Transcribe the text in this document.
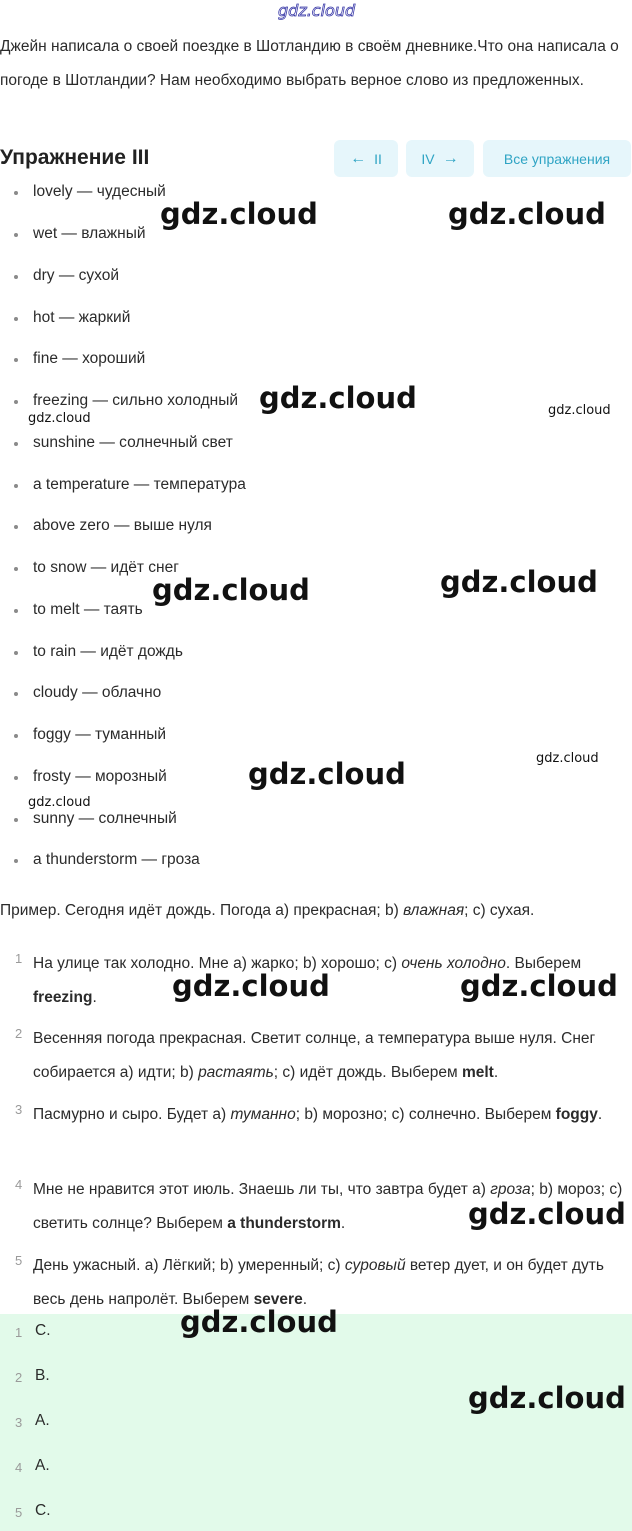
gdz.cloud
gdz.cloud	gdz.cloud
gdz.cloud	gdz.cloud
gdz.cloud
gdz.cloud
gdz.cloud
gdz.cloud
gdz.cloud
gdz.cloud
gdz.cloud	gdz.cloud
gdz.cloud
gdz.cloud
gdz.cloud

Джейн написала о своей поездке в Шотландию в своём дневнике.Что она написала о погоде в Шотландии? Нам необходимо выбрать верное слово из предложенных.

Упражнение III	← II	IV →	Все упражнения
lovely — чудесный
wet — влажный
dry — сухой
hot — жаркий
fine — хороший
freezing — сильно холодный
sunshine — солнечный свет
a temperature — температура
above zero — выше нуля
to snow — идёт снег
to melt — таять
to rain — идёт дождь
cloudy — облачно
foggy — туманный
frosty — морозный
sunny — солнечный
a thunderstorm — гроза

Пример. Сегодня идёт дождь. Погода a) прекрасная; b) влажная; c) сухая.

1 На улице так холодно. Мне a) жарко; b) хорошо; c) очень холодно. Выберем freezing.

2 Весенняя погода прекрасная. Светит солнце, а температура выше нуля. Снег собирается a) идти; b) растаять; c) идёт дождь. Выберем melt.

3 Пасмурно и сыро. Будет a) туманно; b) морозно; c) солнечно. Выберем foggy.

4 Мне не нравится этот июль. Знаешь ли ты, что завтра будет a) гроза; b) мороз; c) светить солнце? Выберем a thunderstorm.

5 День ужасный. a) Лёгкий; b) умеренный; c) суровый ветер дует, и он будет дуть весь день напролёт. Выберем severe.

1 C.
2 B.
3 A.
4 A.
5 C.
